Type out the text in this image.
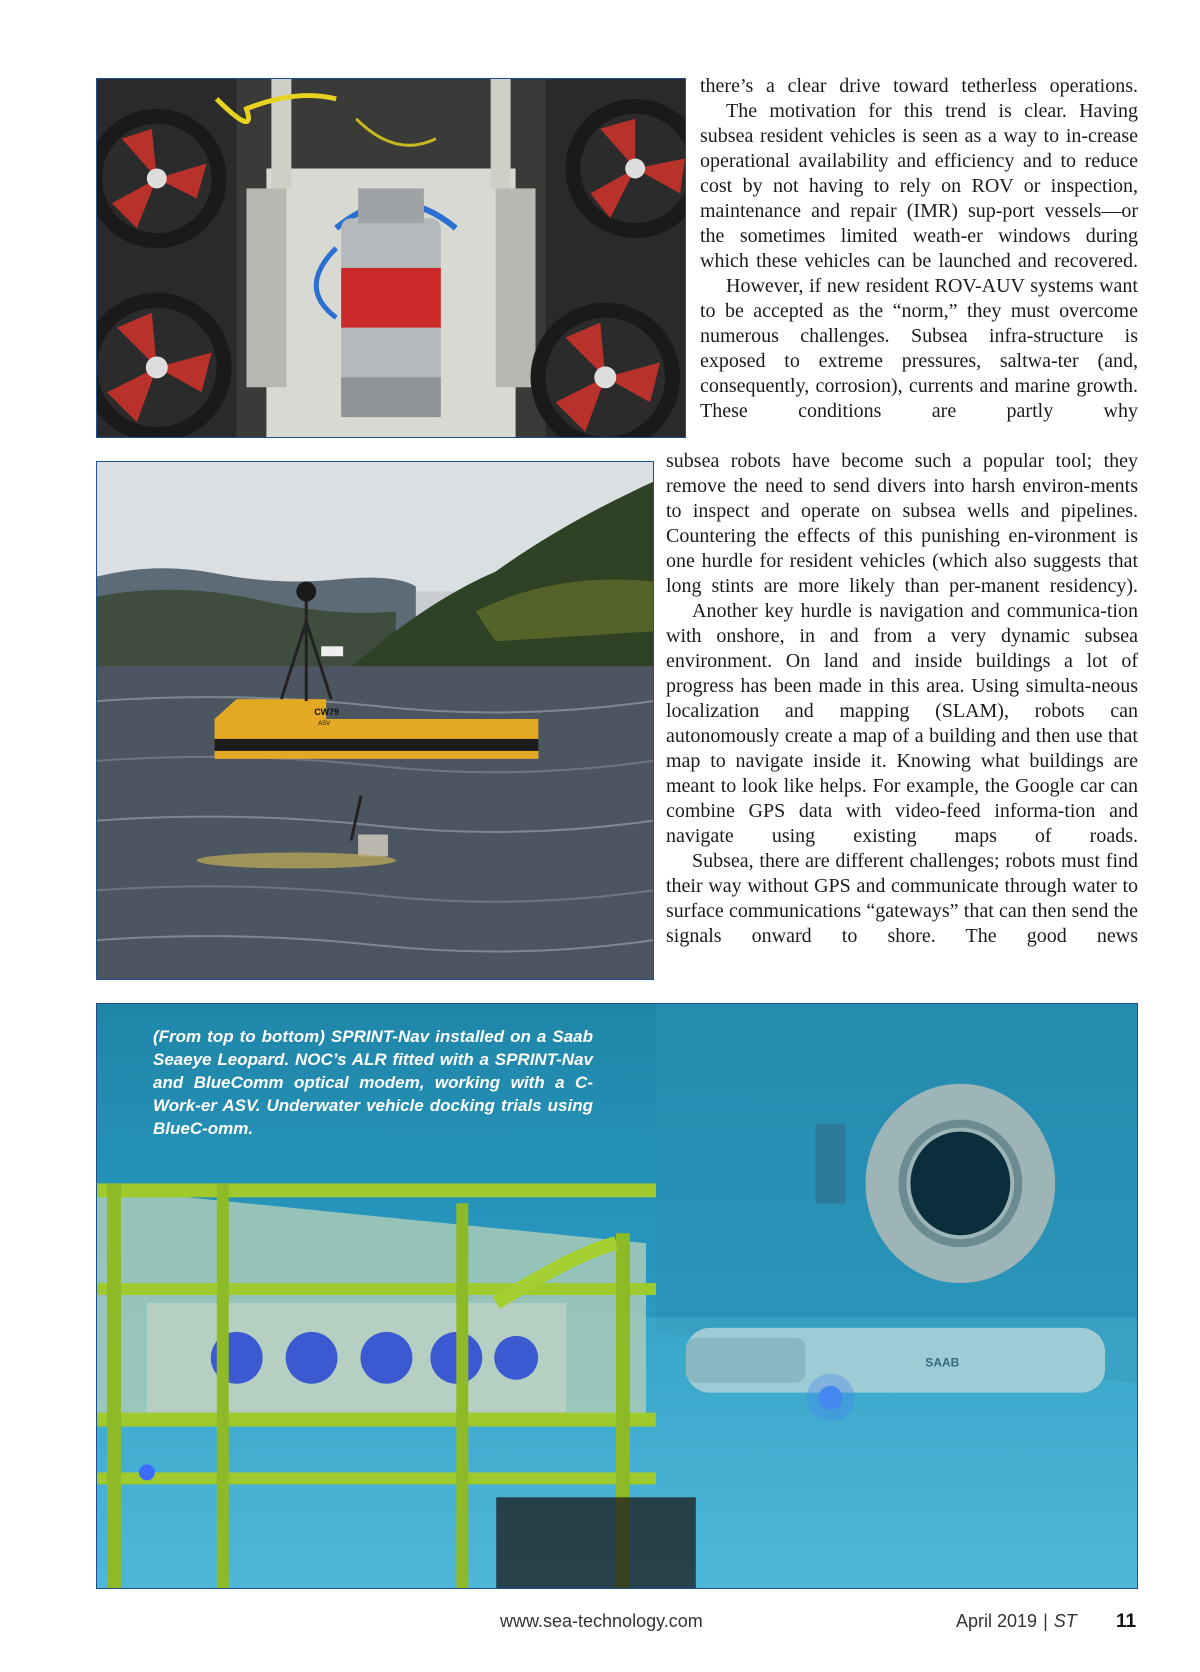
CW79
ASV
SAAB
(From top to bottom) SPRINT-Nav installed on a Saab Seaeye Leopard. NOC’s ALR fitted with a SPRINT-Nav and BlueComm optical modem, working with a C-Work-er ASV. Underwater vehicle docking trials using BlueC-omm.

there’s a clear drive toward tetherless operations.

The motivation for this trend is clear. Having subsea resident vehicles is seen as a way to in-crease operational availability and efficiency and to reduce cost by not having to rely on ROV or inspection, maintenance and repair (IMR) sup-port vessels—or the sometimes limited weath-er windows during which these vehicles can be launched and recovered.

However, if new resident ROV-AUV systems want to be accepted as the “norm,” they must overcome numerous challenges. Subsea infra-structure is exposed to extreme pressures, saltwa-ter (and, consequently, corrosion), currents and marine growth. These conditions are partly why

subsea robots have become such a popular tool; they remove the need to send divers into harsh environ-ments to inspect and operate on subsea wells and pipelines. Countering the effects of this punishing en-vironment is one hurdle for resident vehicles (which also suggests that long stints are more likely than per-manent residency).

Another key hurdle is navigation and communica-tion with onshore, in and from a very dynamic subsea environment. On land and inside buildings a lot of progress has been made in this area. Using simulta-neous localization and mapping (SLAM), robots can autonomously create a map of a building and then use that map to navigate inside it. Knowing what buildings are meant to look like helps. For example, the Google car can combine GPS data with video-feed informa-tion and navigate using existing maps of roads.

Subsea, there are different challenges; robots must find their way without GPS and communicate through water to surface communications “gateways” that can then send the signals onward to shore. The good news

www.sea-technology.com	April 2019 | ST 11
